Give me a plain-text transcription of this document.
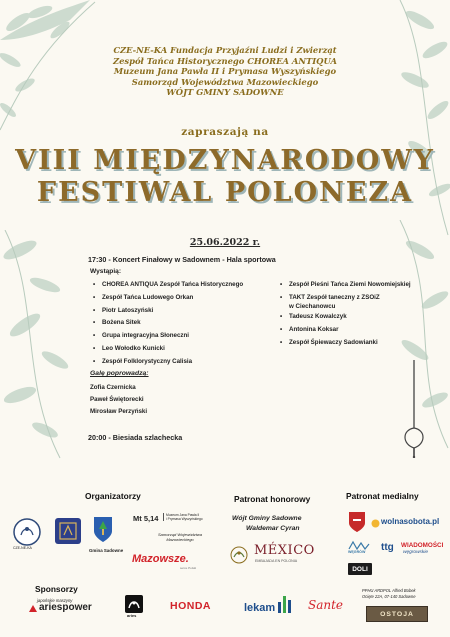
CZE-NE-KA Fundacja Przyjaźni Ludzi i Zwierząt
Zespół Tańca Historycznego CHOREA ANTIQUA
Muzeum Jana Pawła II i Prymasa Wyszyńskiego
Samorząd Województwa Mazowieckiego
WÓJT GMINY SADOWNE
zapraszają na
VIII MIĘDZYNARODOWY
FESTIWAL POLONEZA
25.06.2022 r.
17:30 - Koncert Finałowy w Sadownem - Hala sportowa
Wystąpią:
• CHOREA ANTIQUA Zespół Tańca Historycznego
• Zespół Tańca Ludowego Orkan
• Piotr Latoszyński
• Bożena Sitek
• Grupa integracyjna Słoneczni
• Leo Wołodko Kunicki
• Zespół Folklorystyczny Calisia
• Zespół Pieśni Tańca Ziemi Nowomiejskiej
• TAKT Zespół taneczny z ZSOiZ
w Ciechanowcu
• Tadeusz Kowalczyk
• Antonina Koksar
• Zespół Śpiewaczy Sadowianki
Galę poprowadzą:
Zofia Czernicka
Paweł Świętorecki
Mirosław Perzyński
20:00 - Biesiada szlachecka
Organizatorzy	Patronat honorowy	Patronat medialny
Sponsorzy
CZE-NE-KA	Gmina Sadowne
Mt 5,14	Muzeum Jana Pawła II
i Prymasa Wyszyńskiego
Samorząd Województwa
Mazowieckiego
Mazowsze.
serce Polski
Wójt Gminy Sadowne
Waldemar Cyran
MÉXICO
EMBAJADA EN POLONIA
wolnasobota.pl
WĘGRÓW ttg WIADOMOŚCI
węgrowskie
DOLI
japońskie maszyny
ariespower
aries
HONDA	lekam	Sante
PPHU ARDPOL Alfred Bobek
Ocięte 22A, 07-140 Sadowne
OSTOJA
